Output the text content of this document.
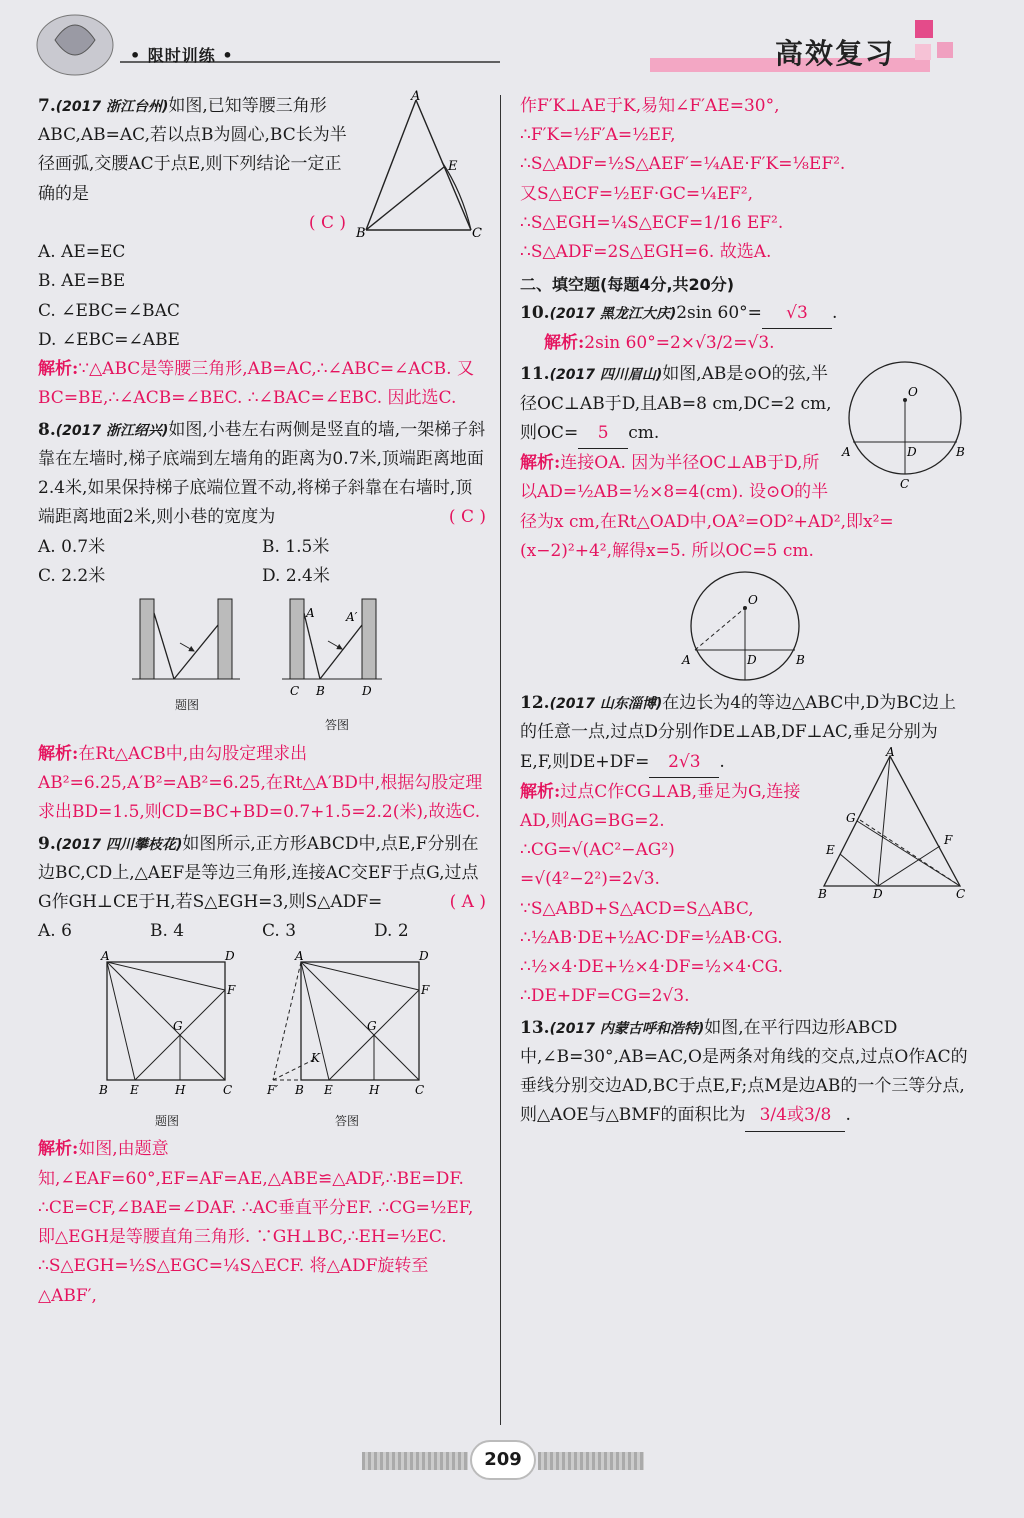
• 限时训练 •	高效复习
A
E
B	C
7.(2017 浙江台州)如图,已知等腰三角形ABC,AB=AC,若以点B为圆心,BC长为半径画弧,交腰AC于点E,则下列结论一定正确的是
( C )
A. AE=EC
B. AE=BE
C. ∠EBC=∠BAC
D. ∠EBC=∠ABE
解析:∵△ABC是等腰三角形,AB=AC,∴∠ABC=∠ACB. 又BC=BE,∴∠ACB=∠BEC. ∴∠BAC=∠EBC. 因此选C.
8.(2017 浙江绍兴)如图,小巷左右两侧是竖直的墙,一架梯子斜靠在左墙时,梯子底端到左墙角的距离为0.7米,顶端距离地面2.4米,如果保持梯子底端位置不动,将梯子斜靠在右墙时,顶端距离地面2米,则小巷的宽度为	( C )
A. 0.7米	B. 1.5米
C. 2.2米	D. 2.4米
题图
A	A′
C B	D
答图
解析:在Rt△ACB中,由勾股定理求出AB²=6.25,A′B²=AB²=6.25,在Rt△A′BD中,根据勾股定理求出BD=1.5,则CD=BC+BD=0.7+1.5=2.2(米),故选C.
9.(2017 四川攀枝花)如图所示,正方形ABCD中,点E,F分别在边BC,CD上,△AEF是等边三角形,连接AC交EF于点G,过点G作GH⊥CE于H,若S△EGH=3,则S△ADF=	( A )
A. 6	B. 4	C. 3	D. 2
A	D
F
G
B E	H	C
题图
A	D
F
G
K
F′ B E	H	C
答图
解析:如图,由题意知,∠EAF=60°,EF=AF=AE,△ABE≌△ADF,∴BE=DF. ∴CE=CF,∠BAE=∠DAF. ∴AC垂直平分EF. ∴CG=½EF,即△EGH是等腰直角三角形. ∵GH⊥BC,∴EH=½EC. ∴S△EGH=½S△EGC=¼S△ECF. 将△ADF旋转至△ABF′,
作F′K⊥AE于K,易知∠F′AE=30°,
∴F′K=½F′A=½EF,
∴S△ADF=½S△AEF′=¼AE·F′K=⅛EF².
又S△ECF=½EF·GC=¼EF²,
∴S△EGH=¼S△ECF=1/16 EF². ∴S△ADF=2S△EGH=6. 故选A.
二、填空题(每题4分,共20分)
10.(2017 黑龙江大庆)2sin 60°= √3 .
解析:2sin 60°=2×√3/2=√3.
O
A	D	B
C
11.(2017 四川眉山)如图,AB是⊙O的弦,半径OC⊥AB于D,且AB=8 cm,DC=2 cm,则OC= 5 cm.
解析:连接OA. 因为半径OC⊥AB于D,所以AD=½AB=½×8=4(cm). 设⊙O的半径为x cm,在Rt△OAD中,OA²=OD²+AD²,即x²=(x−2)²+4²,解得x=5. 所以OC=5 cm.
O
A	D	B
12.(2017 山东淄博)在边长为4的等边△ABC中,D为BC边上的任意一点,过点D分别作DE⊥AB,DF⊥AC,垂足分别为E,F,则DE+DF= 2√3 .	A
G
E
F
B	D	C
解析:过点C作CG⊥AB,垂足为G,连接AD,则AG=BG=2.
∴CG=√(AC²−AG²)
=√(4²−2²)=2√3.
∵S△ABD+S△ACD=S△ABC,
∴½AB·DE+½AC·DF=½AB·CG.
∴½×4·DE+½×4·DF=½×4·CG.
∴DE+DF=CG=2√3.
13.(2017 内蒙古呼和浩特)如图,在平行四边形ABCD中,∠B=30°,AB=AC,O是两条对角线的交点,过点O作AC的垂线分别交边AD,BC于点E,F;点M是边AB的一个三等分点,则△AOE与△BMF的面积比为 3/4或3/8 .
209
